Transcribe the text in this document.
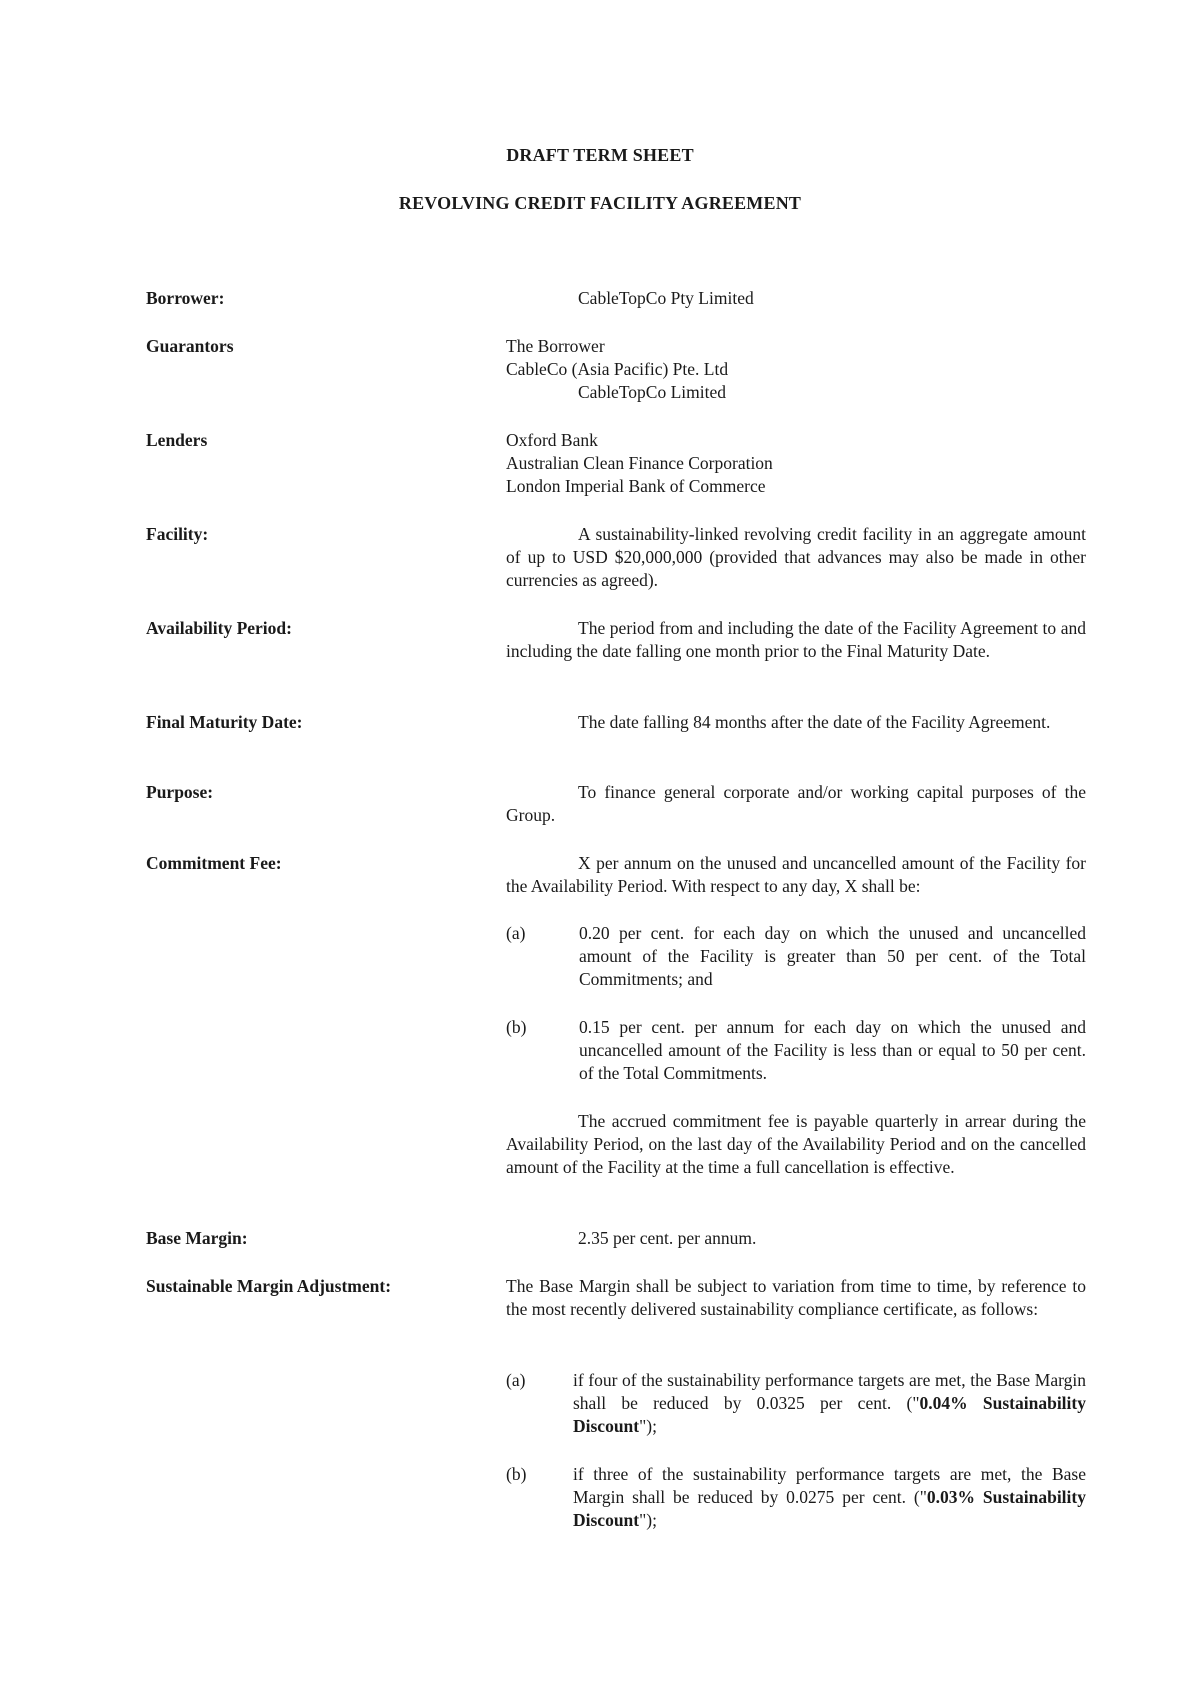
DRAFT TERM SHEET
REVOLVING CREDIT FACILITY AGREEMENT
Borrower:	CableTopCo Pty Limited
Guarantors	The Borrower
CableCo (Asia Pacific) Pte. Ltd
CableTopCo Limited
Lenders	Oxford Bank
Australian Clean Finance Corporation
London Imperial Bank of Commerce
Facility:	A sustainability-linked revolving credit facility in an aggregate amount of up to USD $20,000,000 (provided that advances may also be made in other currencies as agreed).
Availability Period:	The period from and including the date of the Facility Agreement to and including the date falling one month prior to the Final Maturity Date.
Final Maturity Date:	The date falling 84 months after the date of the Facility Agreement.
Purpose:	To finance general corporate and/or working capital purposes of the Group.
Commitment Fee:	X per annum on the unused and uncancelled amount of the Facility for the Availability Period. With respect to any day, X shall be:
(a)	0.20 per cent. for each day on which the unused and uncancelled amount of the Facility is greater than 50 per cent. of the Total Commitments; and
(b)	0.15 per cent. per annum for each day on which the unused and uncancelled amount of the Facility is less than or equal to 50 per cent. of the Total Commitments.
The accrued commitment fee is payable quarterly in arrear during the Availability Period, on the last day of the Availability Period and on the cancelled amount of the Facility at the time a full cancellation is effective.
Base Margin:	2.35 per cent. per annum.
Sustainable Margin Adjustment:	The Base Margin shall be subject to variation from time to time, by reference to the most recently delivered sustainability compliance certificate, as follows:
(a)	if four of the sustainability performance targets are met, the Base Margin shall be reduced by 0.0325 per cent. ("0.04% Sustainability Discount");
(b)	if three of the sustainability performance targets are met, the Base Margin shall be reduced by 0.0275 per cent. ("0.03% Sustainability Discount");
